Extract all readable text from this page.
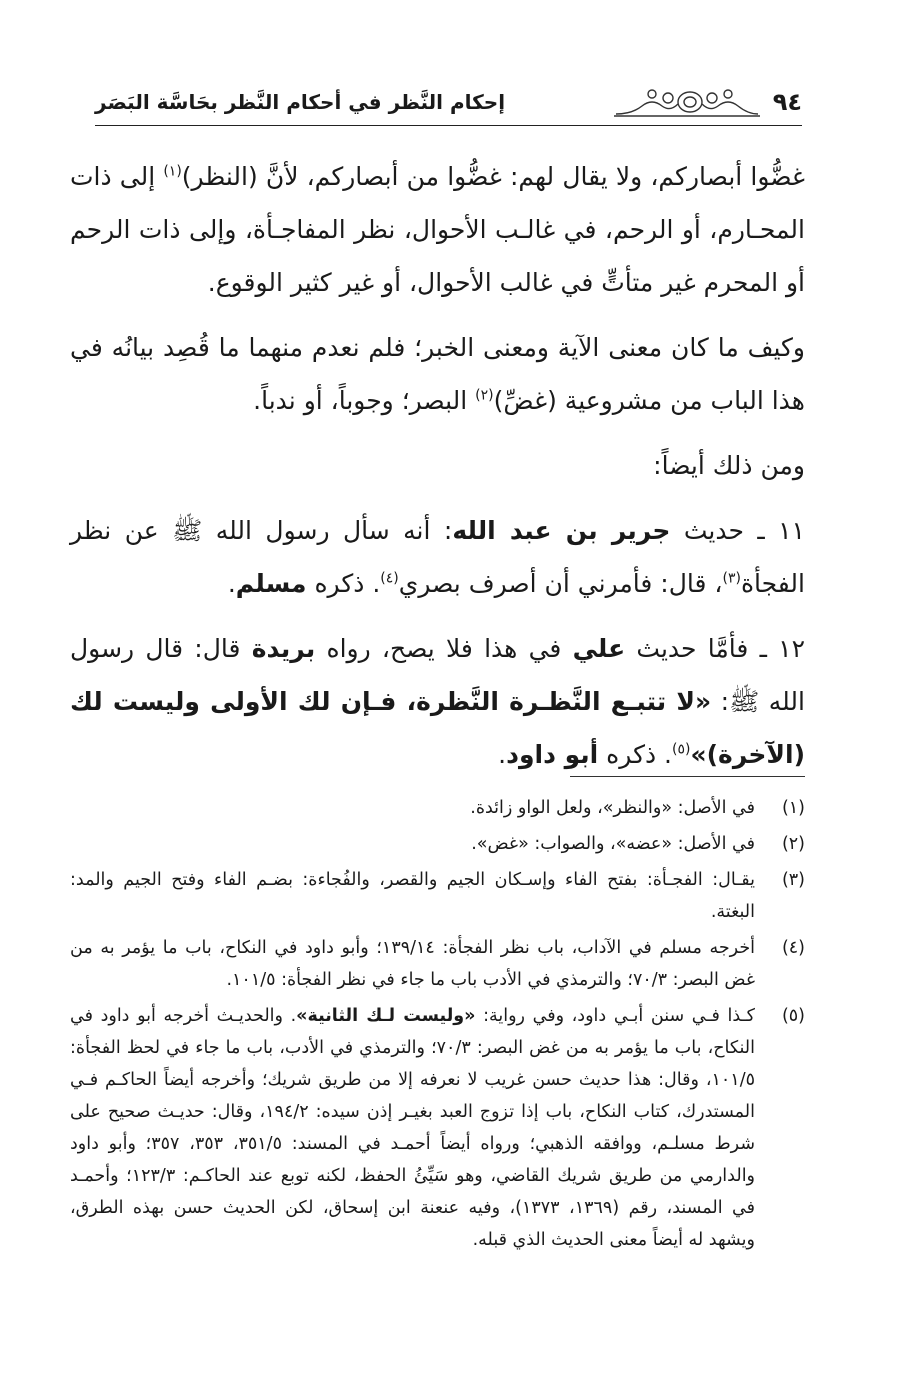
٩٤
إحكام النَّظر في أحكام النَّظر بحَاسَّة البَصَر

غضُّوا أبصاركم، ولا يقال لهم: غضُّوا من أبصاركم، لأنَّ (النظر)$^{(١)}$ إلى ذات المحـارم، أو الرحم، في غالـب الأحوال، نظر المفاجـأة، وإلى ذات الرحم أو المحرم غير متأتٍّ في غالب الأحوال، أو غير كثير الوقوع.

وكيف ما كان معنى الآية ومعنى الخبر؛ فلم نعدم منهما ما قُصِد بيانُه في هذا الباب من مشروعية (غضِّ)$^{(٢)}$ البصر؛ وجوباً، أو ندباً.

ومن ذلك أيضاً:

١١ ـ حديث جرير بن عبد الله: أنه سأل رسول الله ﷺ عن نظر الفجأة$^{(٣)}$، قال: فأمرني أن أصرف بصري$^{(٤)}$. ذكره مسلم.

١٢ ـ فأمَّا حديث علي في هذا فلا يصح، رواه بريدة قال: قال رسول الله ﷺ: «لا تتبـع النَّظـرة النَّظرة، فـإن لك الأولى وليست لك (الآخرة)»$^{(٥)}$. ذكره أبو داود.

(١)
في الأصل: «والنظر»، ولعل الواو زائدة.
(٢)
في الأصل: «عضه»، والصواب: «غض».
(٣)
يقـال: الفجـأة: بفتح الفاء وإسـكان الجيم والقصر، والفُجاءة: بضـم الفاء وفتح الجيم والمد: البغتة.
(٤)
أخرجه مسلم في الآداب، باب نظر الفجأة: ١٣٩/١٤؛ وأبو داود في النكاح، باب ما يؤمر به من غض البصر: ٧٠/٣؛ والترمذي في الأدب باب ما جاء في نظر الفجأة: ١٠١/٥.
(٥)
كـذا فـي سنن أبـي داود، وفي رواية: «وليست لـك الثانية». والحديـث أخرجه أبو داود في النكاح، باب ما يؤمر به من غض البصر: ٧٠/٣؛ والترمذي في الأدب، باب ما جاء في لحظ الفجأة: ١٠١/٥، وقال: هذا حديث حسن غريب لا نعرفه إلا من طريق شريك؛ وأخرجه أيضاً الحاكـم فـي المستدرك، كتاب النكاح، باب إذا تزوج العبد بغيـر إذن سيده: ١٩٤/٢، وقال: حديـث صحيح على شرط مسلـم، ووافقه الذهبي؛ ورواه أيضاً أحمـد في المسند: ٣٥١/٥، ٣٥٣، ٣٥٧؛ وأبو داود والدارمي من طريق شريك القاضي، وهو سَيِّئُ الحفظ، لكنه توبع عند الحاكـم: ١٢٣/٣؛ وأحمـد في المسند، رقم (١٣٦٩، ١٣٧٣)، وفيه عنعنة ابن إسحاق، لكن الحديث حسن بهذه الطرق، ويشهد له أيضاً معنى الحديث الذي قبله.
